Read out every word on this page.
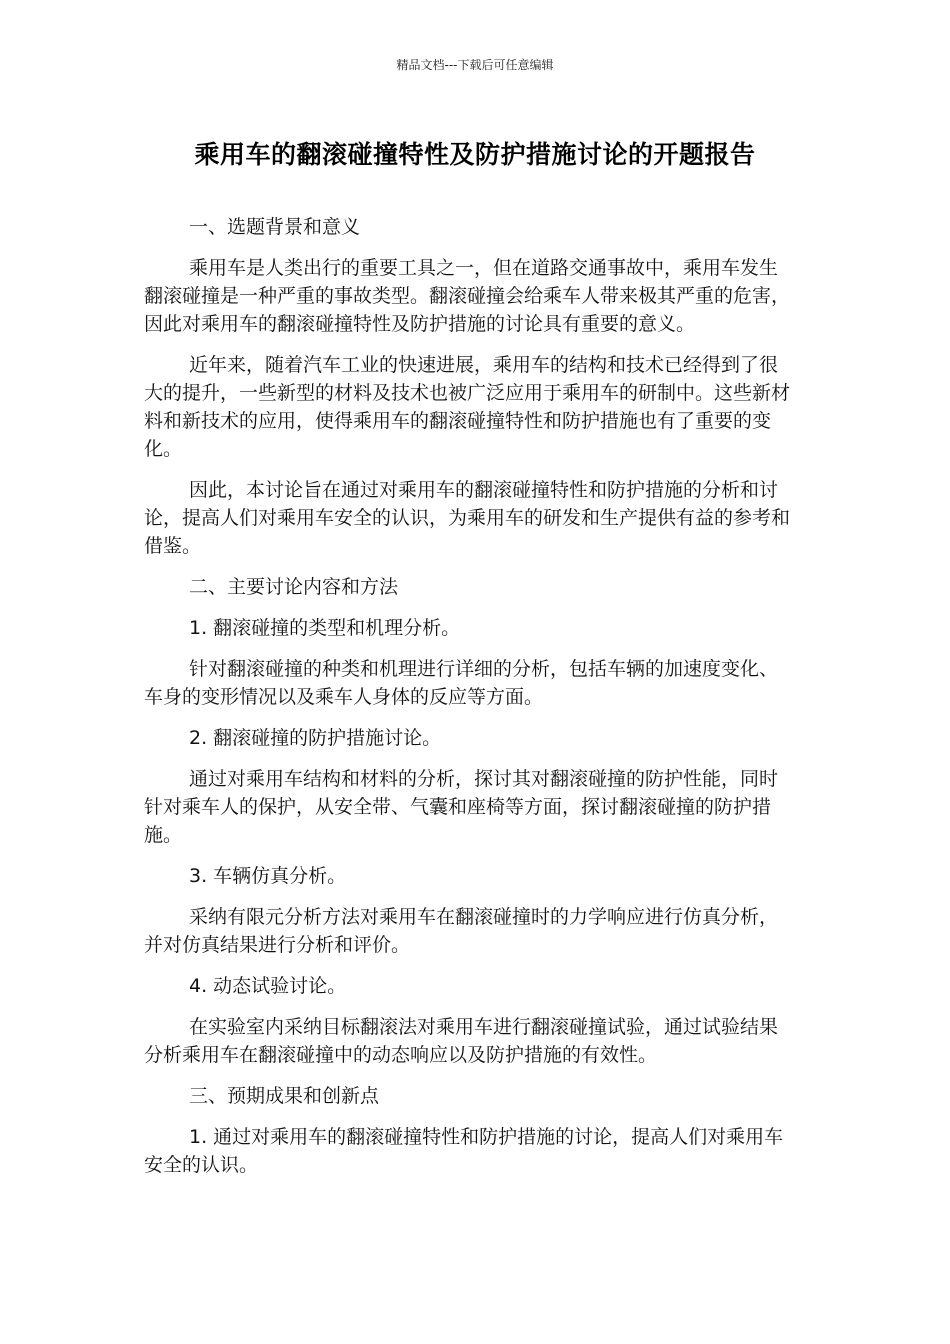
精品文档---下载后可任意编辑
乘用车的翻滚碰撞特性及防护措施讨论的开题报告

一、选题背景和意义

乘用车是人类出行的重要工具之一，但在道路交通事故中，乘用车发生翻滚碰撞是一种严重的事故类型。翻滚碰撞会给乘车人带来极其严重的危害，因此对乘用车的翻滚碰撞特性及防护措施的讨论具有重要的意义。

近年来，随着汽车工业的快速进展，乘用车的结构和技术已经得到了很大的提升，一些新型的材料及技术也被广泛应用于乘用车的研制中。这些新材料和新技术的应用，使得乘用车的翻滚碰撞特性和防护措施也有了重要的变化。

因此，本讨论旨在通过对乘用车的翻滚碰撞特性和防护措施的分析和讨论，提高人们对乘用车安全的认识，为乘用车的研发和生产提供有益的参考和借鉴。

二、主要讨论内容和方法

1. 翻滚碰撞的类型和机理分析。

针对翻滚碰撞的种类和机理进行详细的分析，包括车辆的加速度变化、车身的变形情况以及乘车人身体的反应等方面。

2. 翻滚碰撞的防护措施讨论。

通过对乘用车结构和材料的分析，探讨其对翻滚碰撞的防护性能，同时针对乘车人的保护，从安全带、气囊和座椅等方面，探讨翻滚碰撞的防护措施。

3. 车辆仿真分析。

采纳有限元分析方法对乘用车在翻滚碰撞时的力学响应进行仿真分析，并对仿真结果进行分析和评价。

4. 动态试验讨论。

在实验室内采纳目标翻滚法对乘用车进行翻滚碰撞试验，通过试验结果分析乘用车在翻滚碰撞中的动态响应以及防护措施的有效性。

三、预期成果和创新点

1. 通过对乘用车的翻滚碰撞特性和防护措施的讨论，提高人们对乘用车安全的认识。
